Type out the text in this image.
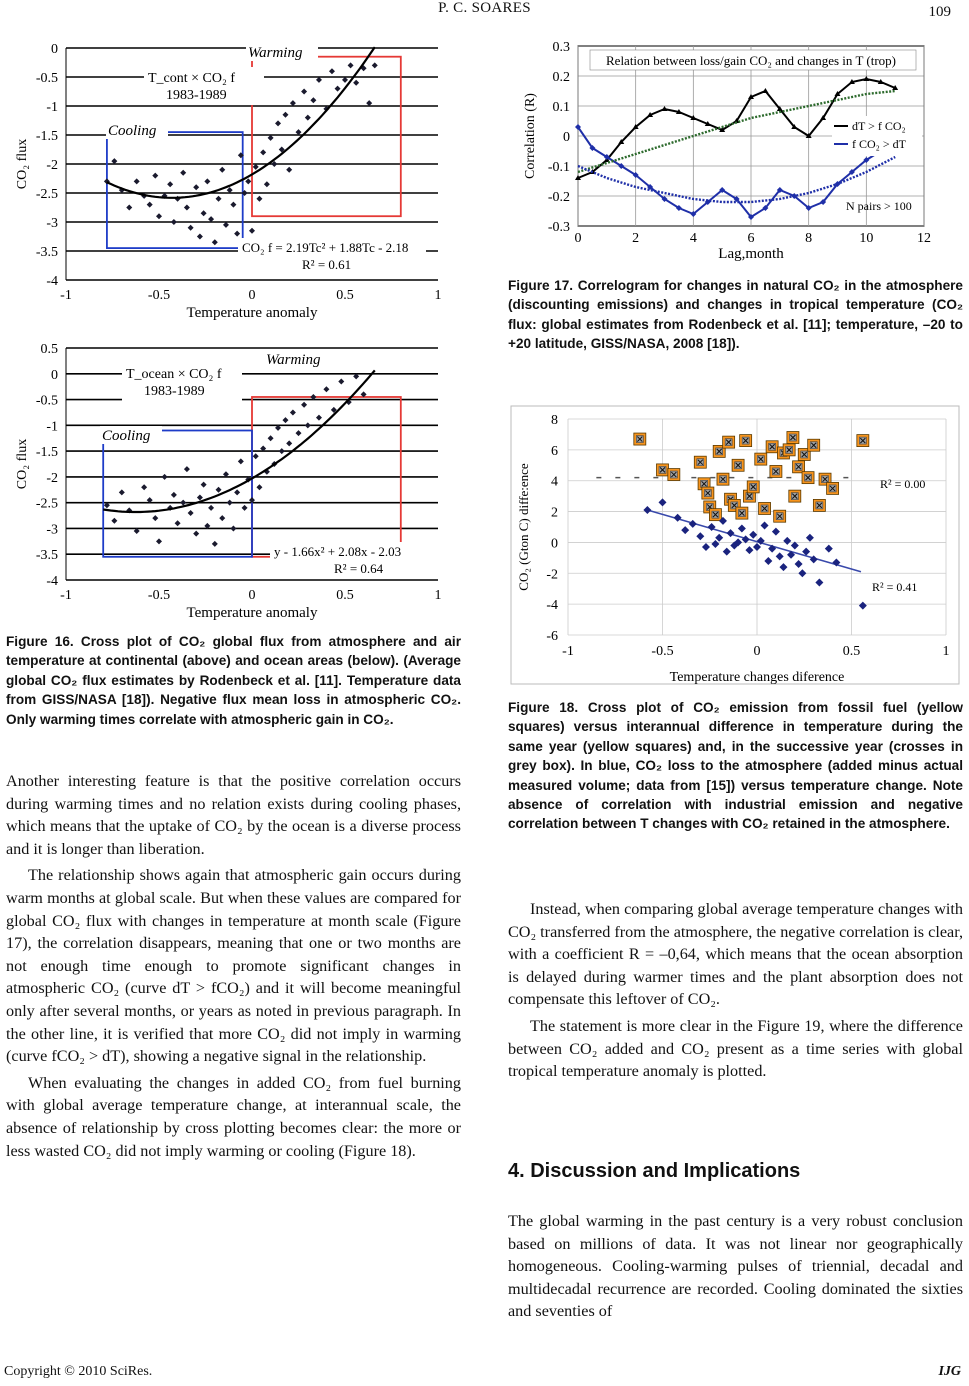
P. C. SOARES	109
0
-0.5
-1
-1.5
-2
-2.5
-3
-3.5
-4
-1	-0.5	0	0.5	1
Temperature anomaly
CO₂ flux
T_cont × CO₂ f
1983-1989
Warming
Cooling
CO₂ f = 2.19Tc² + 1.88Tc - 2.18
R² = 0.61
0.5
0
-0.5
-1
-1.5
-2
-2.5
-3
-3.5
-4
-1	-0.5	0	0.5	1
Temperature anomaly
CO₂ flux
T_ocean × CO₂ f
1983-1989
Warming
Cooling
y - 1.66x² + 2.08x - 2.03
R² = 0.64
Figure 16. Cross plot of CO₂ global flux from atmosphere and air temperature at continental (above) and ocean areas (below). (Average global CO₂ flux estimates by Rodenbeck et al. [11]. Temperature data from GISS/NASA [18]). Negative flux mean loss in atmospheric CO₂. Only warming times correlate with atmospheric gain in CO₂.

Another interesting feature is that the positive correlation occurs during warming times and no relation exists during cooling phases, which means that the uptake of CO₂ by the ocean is a diverse process and it is longer than liberation.

The relationship shows again that atmospheric gain occurs during warm months at global scale. But when these values are compared for global CO₂ flux with changes in temperature at month scale (Figure 17), the correlation disappears, meaning that one or two months are not enough time enough to promote significant changes in atmospheric CO₂ (curve dT > fCO₂) and it will become meaningful only after several months, or years as noted in previous paragraph. In the other line, it is verified that more CO₂ did not imply in warming (curve fCO₂ > dT), showing a negative signal in the relationship.

When evaluating the changes in added CO₂ from fuel burning with global average temperature change, at interannual scale, the absence of relationship by cross plotting becomes clear: the more or less wasted CO₂ did not imply warming or cooling (Figure 18).

0.3
0.2
0.1
0
-0.1
-0.2
-0.3
0	2	4	6	8	10	12
Lag,month
Correlation (R)
Relation between loss/gain CO₂ and changes in T (trop)
dT > f CO₂
f CO₂ > dT
N pairs > 100
Figure 17. Correlogram for changes in natural CO₂ in the atmosphere (discounting emissions) and changes in tropical temperature (CO₂ flux: global estimates from Rodenbeck et al. [11]; temperature, –20 to +20 latitude, GISS/NASA, 2008 [18]).
8
6
4
2
0
-2
-4
-6
-1	-0.5	0	0.5	1
Temperature changes diference
CO₂ (Gton C) diffe:ence	R² = 0.00
R² = 0.41
Figure 18. Cross plot of CO₂ emission from fossil fuel (yellow squares) versus interannual difference in temperature during the same year (yellow squares) and, in the successive year (crosses in grey box). In blue, CO₂ loss to the atmosphere (added minus actual measured volume; data from [15]) versus temperature change. Note absence of correlation with industrial emission and negative correlation between T changes with CO₂ retained in the atmosphere.

Instead, when comparing global average temperature changes with CO₂ transferred from the atmosphere, the negative correlation is clear, with a coefficient R = –0,64, which means that the ocean absorption is delayed during warmer times and the plant absorption does not compensate this leftover of CO₂.

The statement is more clear in the Figure 19, where the difference between CO₂ added and CO₂ present as a time series with global tropical temperature anomaly is plotted.

4. Discussion and Implications

The global warming in the past century is a very robust conclusion based on millions of data. It was not linear nor geographically homogeneous. Cooling-warming pulses of triennial, decadal and multidecadal recurrence are recorded. Cooling dominated the sixties and seventies of

Copyright © 2010 SciRes.	IJG
